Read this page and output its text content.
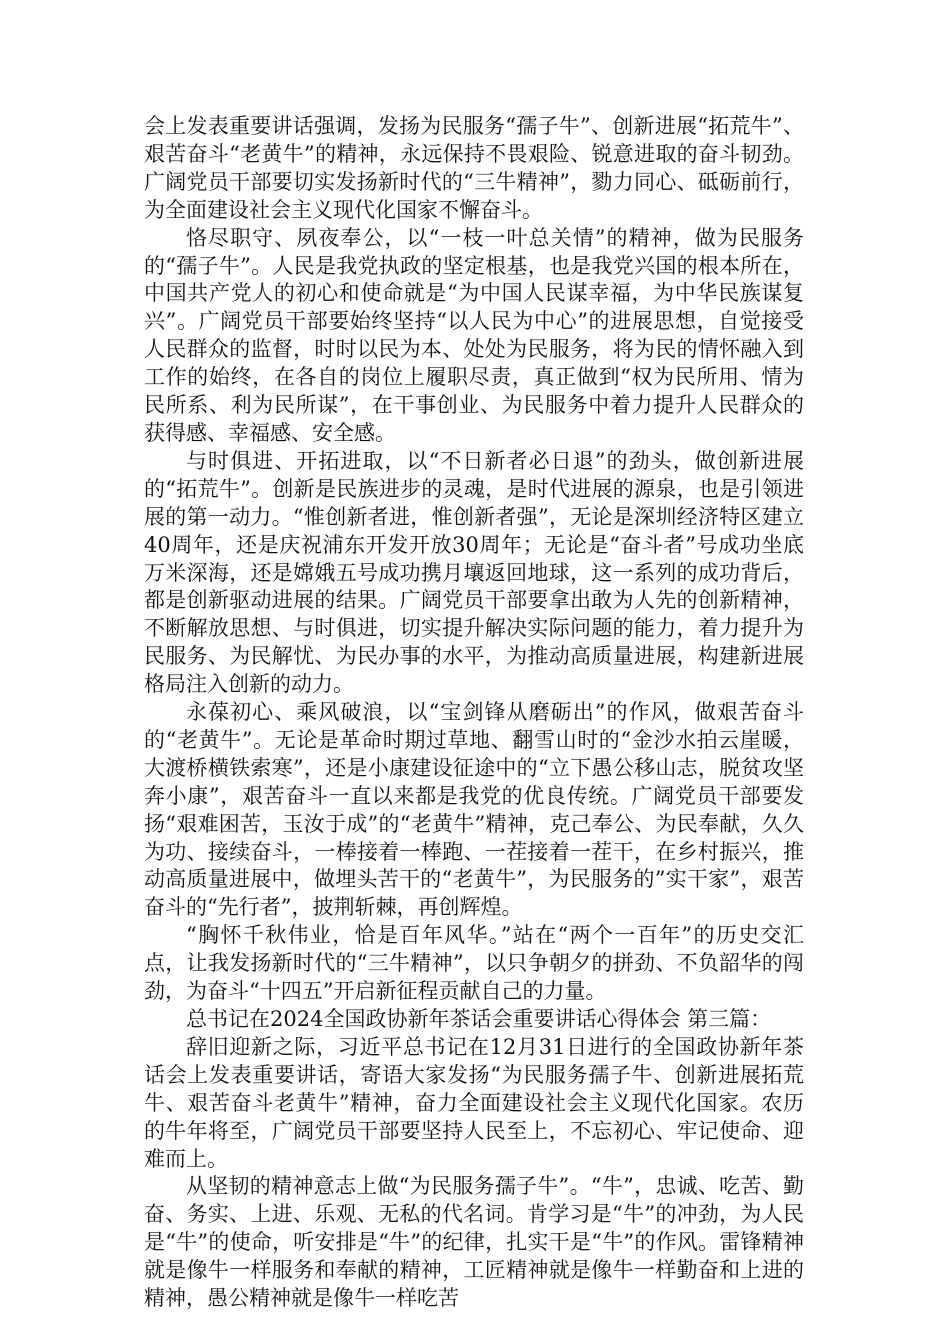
会上发表重要讲话强调，发扬为民服务“孺子牛”、创新进展“拓荒牛”、艰苦奋斗“老黄牛”的精神，永远保持不畏艰险、锐意进取的奋斗韧劲。广阔党员干部要切实发扬新时代的“三牛精神”，勠力同心、砥砺前行，为全面建设社会主义现代化国家不懈奋斗。

恪尽职守、夙夜奉公，以“一枝一叶总关情”的精神，做为民服务的“孺子牛”。人民是我党执政的坚定根基，也是我党兴国的根本所在，中国共产党人的初心和使命就是“为中国人民谋幸福，为中华民族谋复兴”。广阔党员干部要始终坚持“以人民为中心”的进展思想，自觉接受人民群众的监督，时时以民为本、处处为民服务，将为民的情怀融入到工作的始终，在各自的岗位上履职尽责，真正做到“权为民所用、情为民所系、利为民所谋”，在干事创业、为民服务中着力提升人民群众的获得感、幸福感、安全感。

与时俱进、开拓进取，以“不日新者必日退”的劲头，做创新进展的“拓荒牛”。创新是民族进步的灵魂，是时代进展的源泉，也是引领进展的第一动力。“惟创新者进，惟创新者强”，无论是深圳经济特区建立40周年，还是庆祝浦东开发开放30周年；无论是“奋斗者”号成功坐底万米深海，还是嫦娥五号成功携月壤返回地球，这一系列的成功背后，都是创新驱动进展的结果。广阔党员干部要拿出敢为人先的创新精神，不断解放思想、与时俱进，切实提升解决实际问题的能力，着力提升为民服务、为民解忧、为民办事的水平，为推动高质量进展，构建新进展格局注入创新的动力。

永葆初心、乘风破浪，以“宝剑锋从磨砺出”的作风，做艰苦奋斗的“老黄牛”。无论是革命时期过草地、翻雪山时的“金沙水拍云崖暖，大渡桥横铁索寒”，还是小康建设征途中的“立下愚公移山志，脱贫攻坚奔小康”，艰苦奋斗一直以来都是我党的优良传统。广阔党员干部要发扬“艰难困苦，玉汝于成”的“老黄牛”精神，克己奉公、为民奉献，久久为功、接续奋斗，一棒接着一棒跑、一茬接着一茬干，在乡村振兴，推动高质量进展中，做埋头苦干的“老黄牛”，为民服务的”实干家”，艰苦奋斗的“先行者”，披荆斩棘，再创辉煌。

“胸怀千秋伟业，恰是百年风华。”站在“两个一百年”的历史交汇点，让我发扬新时代的“三牛精神”，以只争朝夕的拼劲、不负韶华的闯劲，为奋斗“十四五”开启新征程贡献自己的力量。

总书记在2024全国政协新年茶话会重要讲话心得体会 第三篇：

辞旧迎新之际，习近平总书记在12月31日进行的全国政协新年茶话会上发表重要讲话，寄语大家发扬“为民服务孺子牛、创新进展拓荒牛、艰苦奋斗老黄牛”精神，奋力全面建设社会主义现代化国家。农历的牛年将至，广阔党员干部要坚持人民至上，不忘初心、牢记使命、迎难而上。

从坚韧的精神意志上做“为民服务孺子牛”。“牛”，忠诚、吃苦、勤奋、务实、上进、乐观、无私的代名词。肯学习是“牛”的冲劲，为人民是“牛”的使命，听安排是“牛”的纪律，扎实干是“牛”的作风。雷锋精神就是像牛一样服务和奉献的精神，工匠精神就是像牛一样勤奋和上进的精神，愚公精神就是像牛一样吃苦
